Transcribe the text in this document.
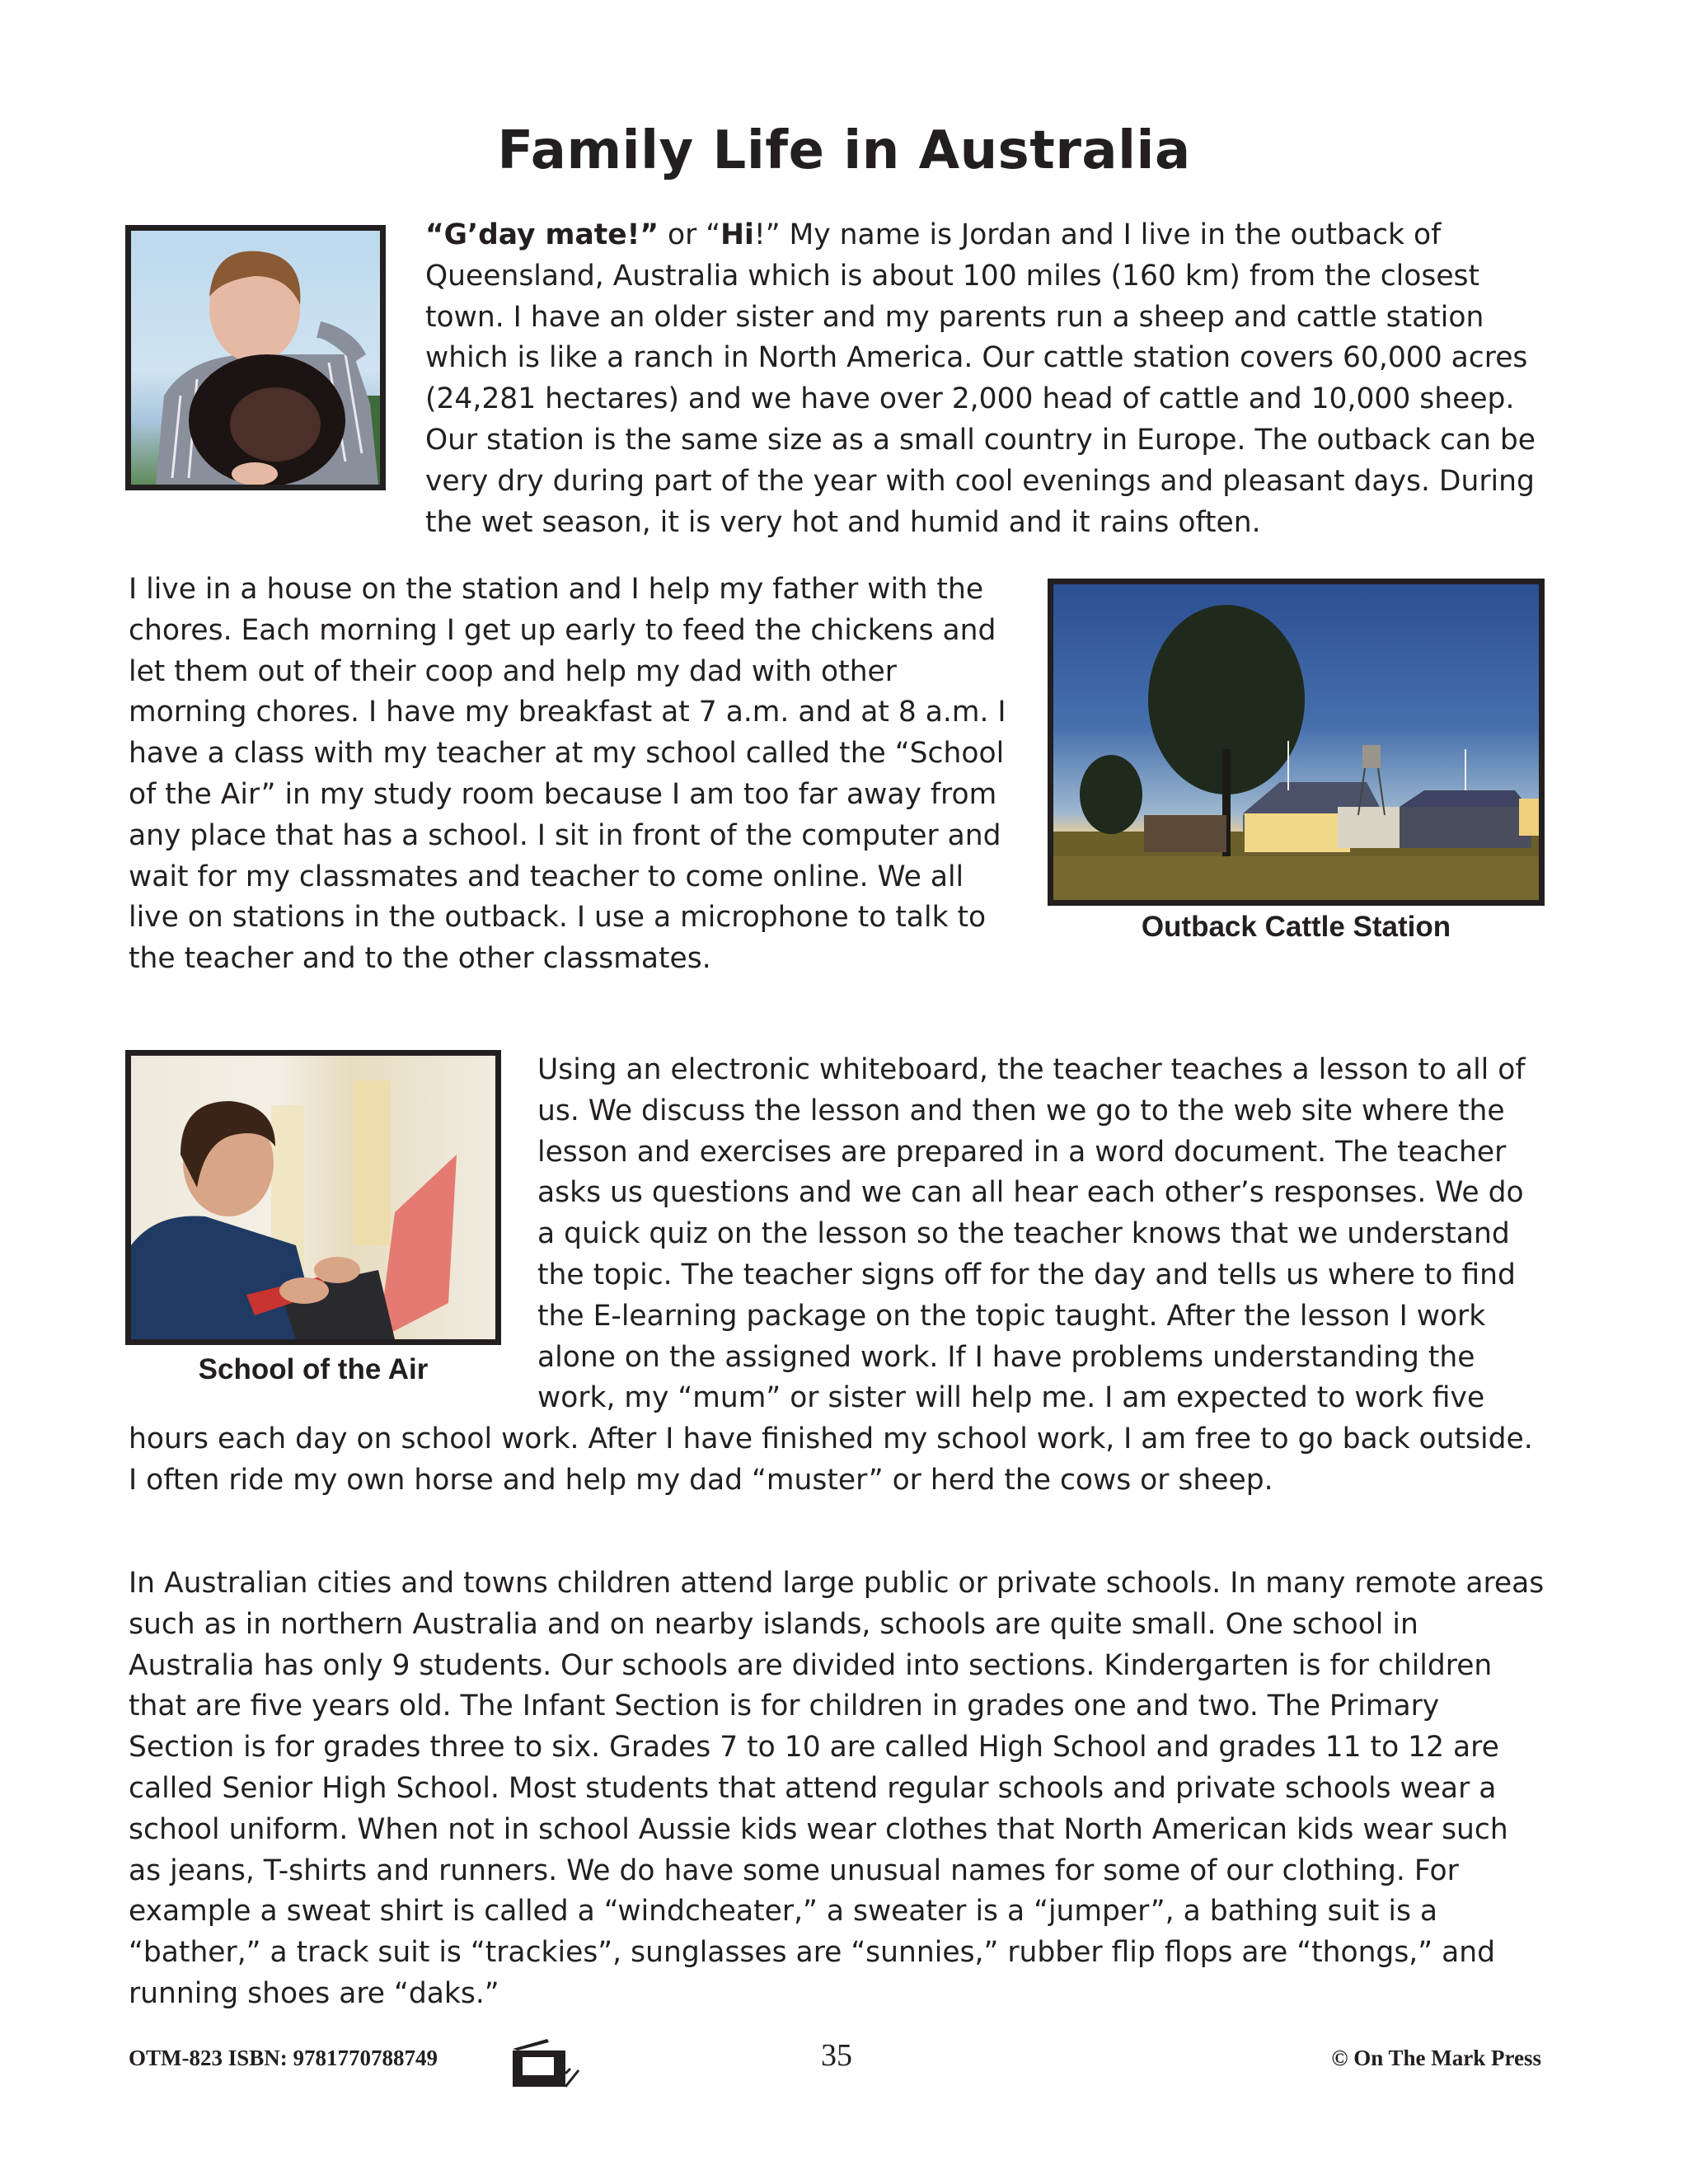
Family Life in Australia
“G’day mate!” or “Hi!” My name is Jordan and I live in the outback of Queensland, Australia which is about 100 miles (160 km) from the closest town. I have an older sister and my parents run a sheep and cattle station which is like a ranch in North America. Our cattle station covers 60,000 acres (24,281 hectares) and we have over 2,000 head of cattle and 10,000 sheep. Our station is the same size as a small country in Europe. The outback can be very dry during part of the year with cool evenings and pleasant days. During the wet season, it is very hot and humid and it rains often.
Outback Cattle Station
I live in a house on the station and I help my father with the chores. Each morning I get up early to feed the chickens and let them out of their coop and help my dad with other morning chores. I have my breakfast at 7 a.m. and at 8 a.m. I have a class with my teacher at my school called the “School of the Air” in my study room because I am too far away from any place that has a school. I sit in front of the computer and wait for my classmates and teacher to come online. We all live on stations in the outback. I use a microphone to talk to the teacher and to the other classmates.
School of the Air
Using an electronic whiteboard, the teacher teaches a lesson to all of us. We discuss the lesson and then we go to the web site where the lesson and exercises are prepared in a word document. The teacher asks us questions and we can all hear each other’s responses. We do a quick quiz on the lesson so the teacher knows that we understand the topic. The teacher signs off for the day and tells us where to find the E-learning package on the topic taught. After the lesson I work alone on the assigned work. If I have problems understanding the work, my “mum” or sister will help me. I am expected to work five hours each day on school work. After I have finished my school work, I am free to go back outside. I often ride my own horse and help my dad “muster” or herd the cows or sheep.
In Australian cities and towns children attend large public or private schools. In many remote areas such as in northern Australia and on nearby islands, schools are quite small. One school in Australia has only 9 students. Our schools are divided into sections. Kindergarten is for children that are five years old. The Infant Section is for children in grades one and two. The Primary Section is for grades three to six. Grades 7 to 10 are called High School and grades 11 to 12 are called Senior High School. Most students that attend regular schools and private schools wear a school uniform. When not in school Aussie kids wear clothes that North American kids wear such as jeans, T-shirts and runners. We do have some unusual names for some of our clothing. For example a sweat shirt is called a “windcheater,” a sweater is a “jumper”, a bathing suit is a “bather,” a track suit is “trackies”, sunglasses are “sunnies,” rubber flip flops are “thongs,” and running shoes are “daks.”
OTM-823 ISBN: 9781770788749	35	© On The Mark Press
